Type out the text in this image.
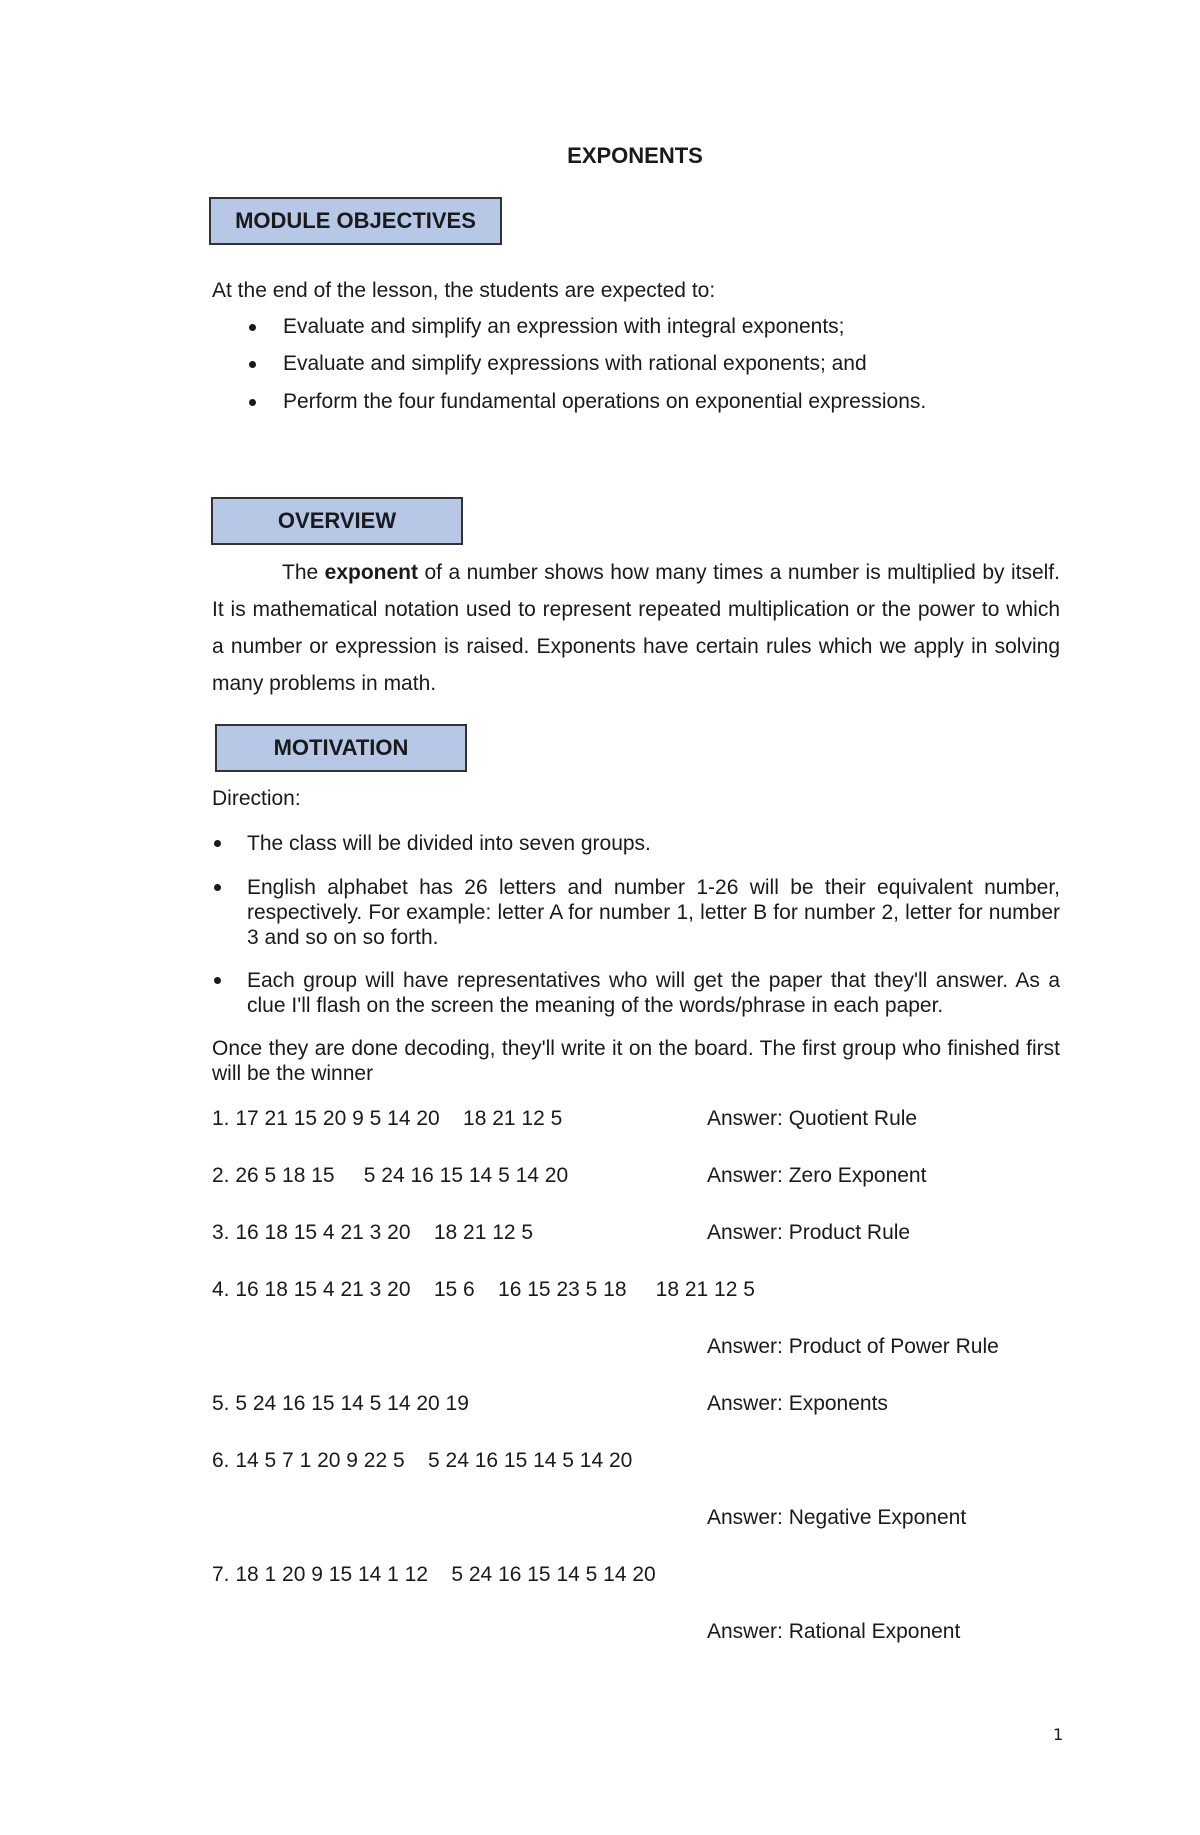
EXPONENTS
MODULE OBJECTIVES
At the end of the lesson, the students are expected to:
Evaluate and simplify an expression with integral exponents;
Evaluate and simplify expressions with rational exponents; and
Perform the four fundamental operations on exponential expressions.
OVERVIEW
The exponent of a number shows how many times a number is multiplied by itself. It is mathematical notation used to represent repeated multiplication or the power to which a number or expression is raised. Exponents have certain rules which we apply in solving many problems in math.
MOTIVATION
Direction:
The class will be divided into seven groups.
English alphabet has 26 letters and number 1-26 will be their equivalent number, respectively. For example: letter A for number 1, letter B for number 2, letter for number 3 and so on so forth.
Each group will have representatives who will get the paper that they'll answer. As a clue I'll flash on the screen the meaning of the words/phrase in each paper.
Once they are done decoding, they'll write it on the board. The first group who finished first will be the winner
1. 17 21 15 20 9 5 14 20    18 21 12 5	Answer: Quotient Rule
2. 26 5 18 15     5 24 16 15 14 5 14 20	Answer: Zero Exponent
3. 16 18 15 4 21 3 20    18 21 12 5	Answer: Product Rule
4. 16 18 15 4 21 3 20    15 6    16 15 23 5 18     18 21 12 5
Answer: Product of Power Rule
5. 5 24 16 15 14 5 14 20 19	Answer: Exponents
6. 14 5 7 1 20 9 22 5    5 24 16 15 14 5 14 20
Answer: Negative Exponent
7. 18 1 20 9 15 14 1 12    5 24 16 15 14 5 14 20
Answer: Rational Exponent
1
